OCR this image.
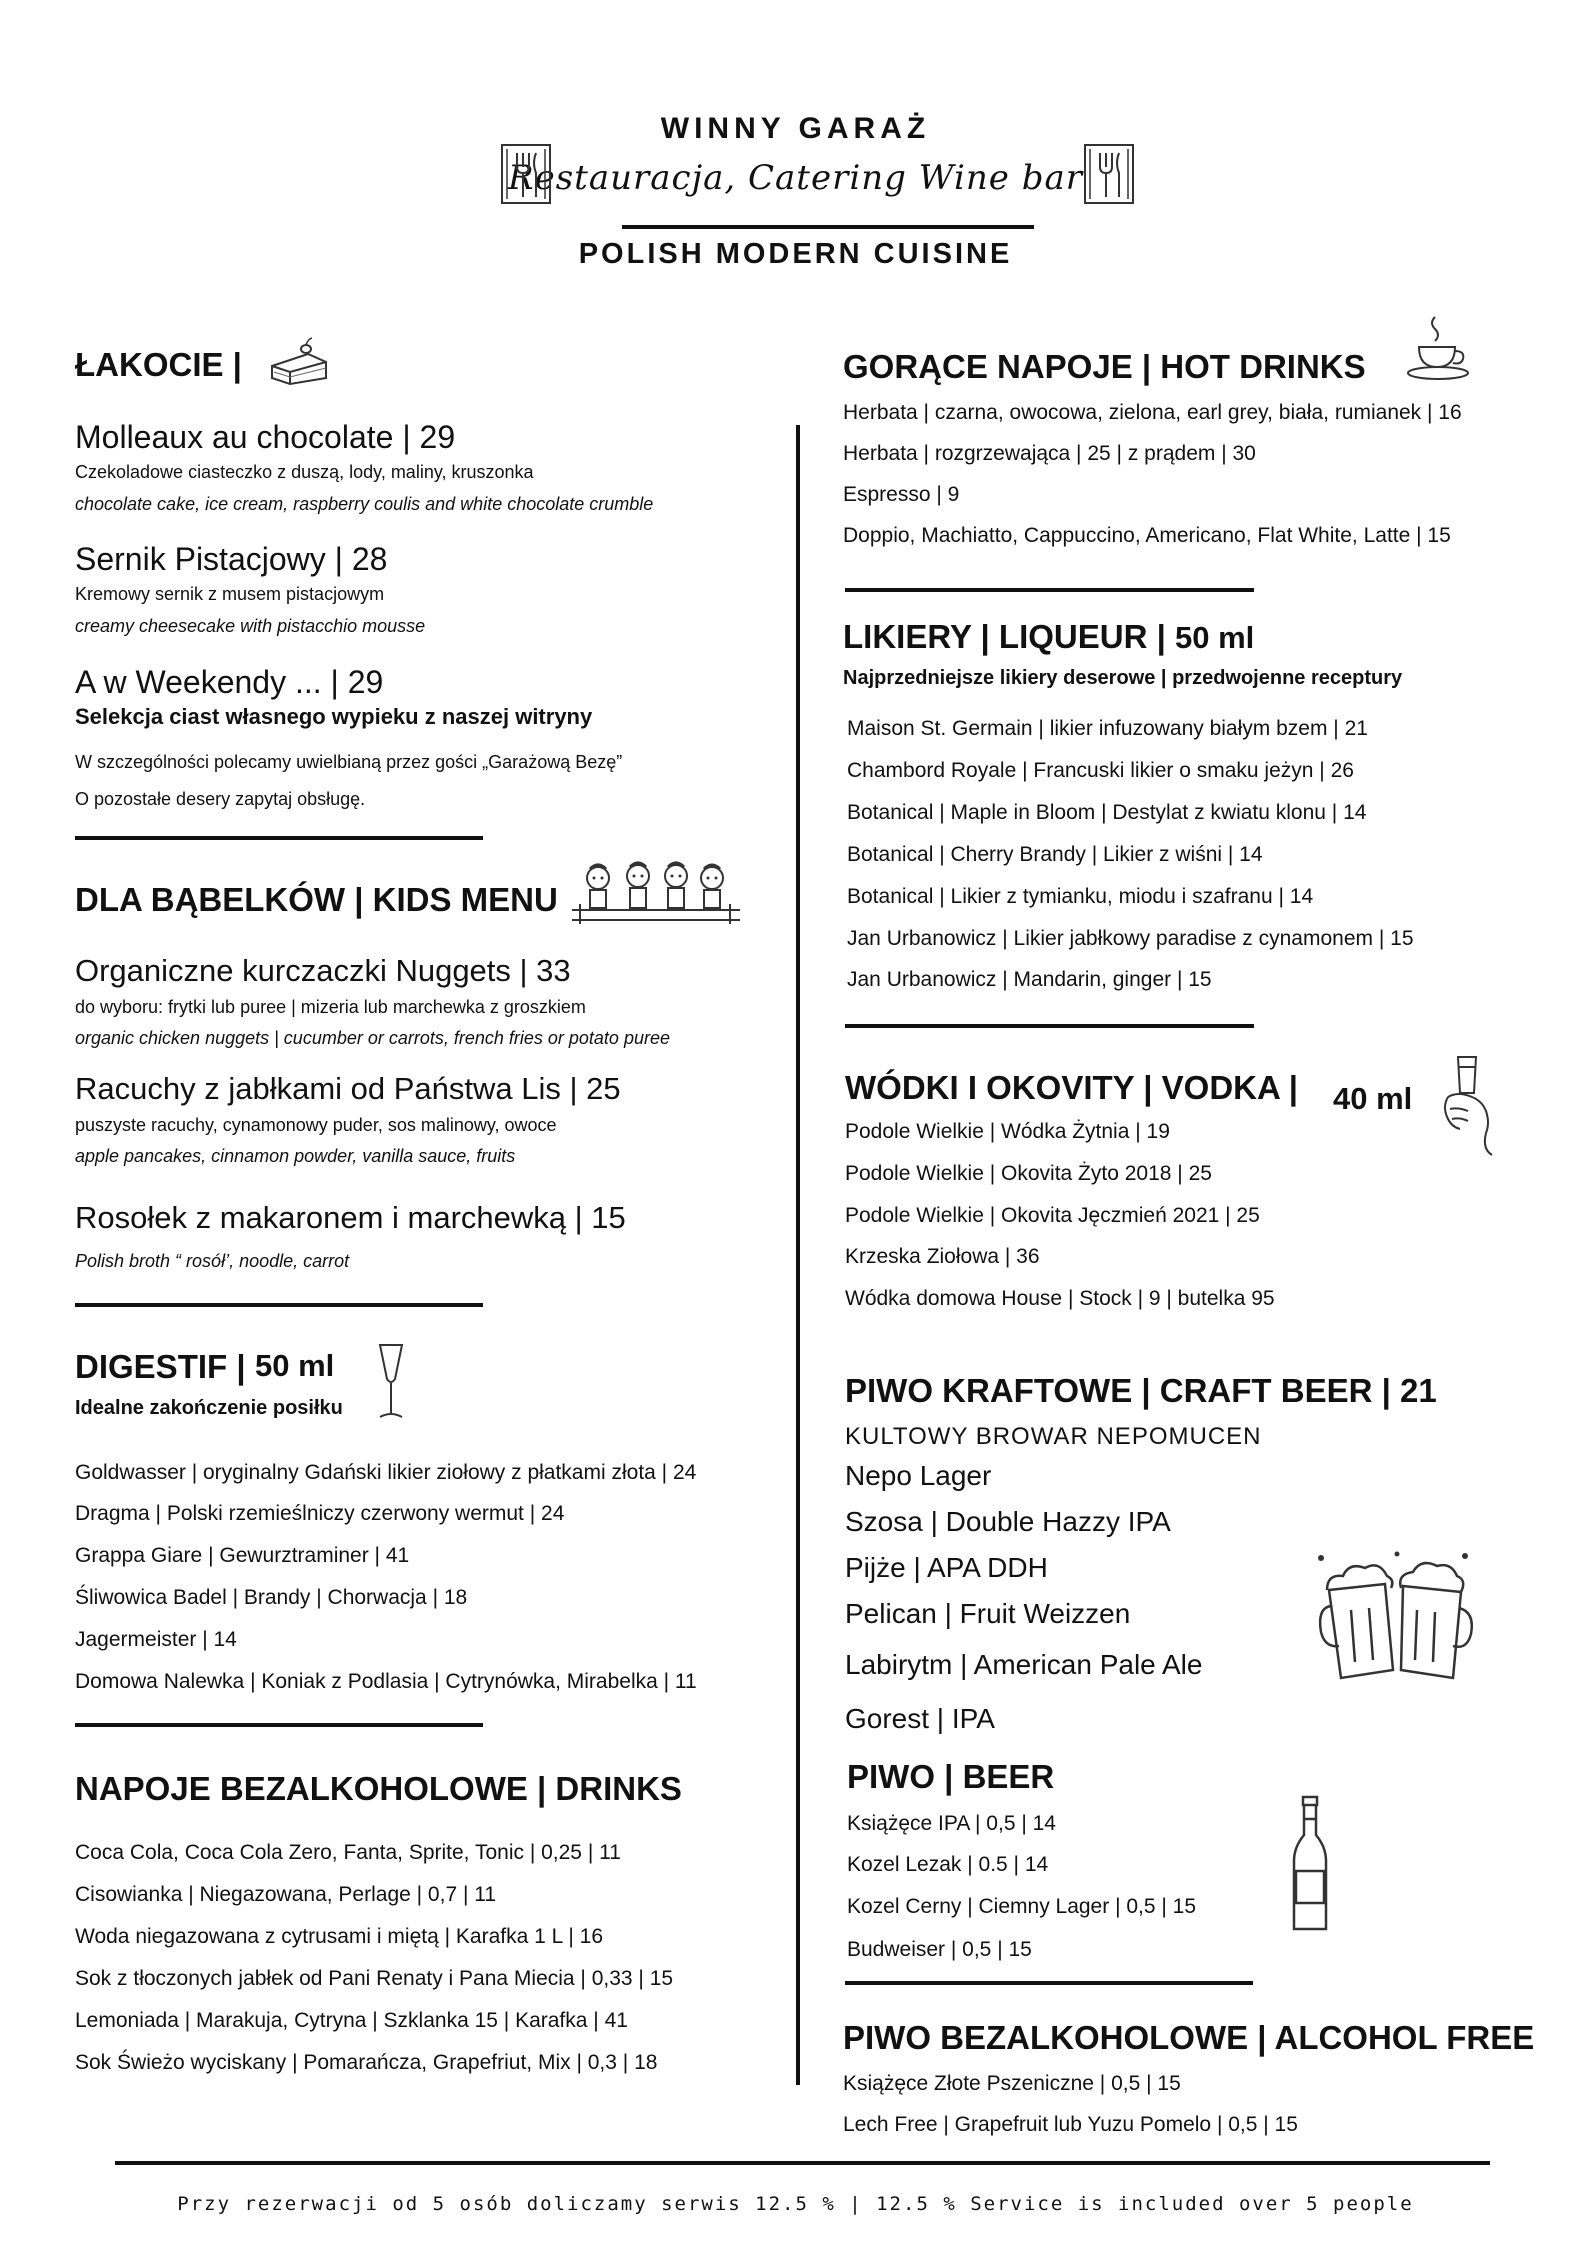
WINNY GARAŻ
Restauracja, Catering Wine bar
POLISH MODERN CUISINE
ŁAKOCIE |
Molleaux au chocolate | 29
Czekoladowe ciasteczko z duszą, lody, maliny, kruszonka
chocolate cake, ice cream, raspberry coulis and white chocolate crumble
Sernik Pistacjowy | 28
Kremowy sernik z musem pistacjowym
creamy cheesecake with pistacchio mousse
A w Weekendy ... | 29
Selekcja ciast własnego wypieku z naszej witryny
W szczególności polecamy uwielbianą przez gości „Garażową Bezę”
O pozostałe desery zapytaj obsługę.
DLA BĄBELKÓW | KIDS MENU
Organiczne kurczaczki Nuggets | 33
do wyboru: frytki lub puree | mizeria lub marchewka z groszkiem
organic chicken nuggets | cucumber or carrots, french fries or potato puree
Racuchy z jabłkami od Państwa Lis | 25
puszyste racuchy, cynamonowy puder, sos malinowy, owoce
apple pancakes, cinnamon powder, vanilla sauce, fruits
Rosołek z makaronem i marchewką | 15
Polish broth “ rosół’, noodle, carrot
DIGESTIF | 50 ml
Idealne zakończenie posiłku
Goldwasser | oryginalny Gdański likier ziołowy z płatkami złota | 24
Dragma | Polski rzemieślniczy czerwony wermut | 24
Grappa Giare | Gewurztraminer | 41
Śliwowica Badel | Brandy | Chorwacja | 18
Jagermeister | 14
Domowa Nalewka | Koniak z Podlasia | Cytrynówka, Mirabelka | 11
NAPOJE BEZALKOHOLOWE | DRINKS
Coca Cola, Coca Cola Zero, Fanta, Sprite, Tonic | 0,25 | 11
Cisowianka | Niegazowana, Perlage | 0,7 | 11
Woda niegazowana z cytrusami i miętą | Karafka 1 L | 16
Sok z tłoczonych jabłek od Pani Renaty i Pana Miecia | 0,33 | 15
Lemoniada | Marakuja, Cytryna | Szklanka 15 | Karafka | 41
Sok Świeżo wyciskany | Pomarańcza, Grapefriut, Mix | 0,3 | 18
GORĄCE NAPOJE | HOT DRINKS
Herbata | czarna, owocowa, zielona, earl grey, biała, rumianek | 16
Herbata | rozgrzewająca | 25 | z prądem | 30
Espresso | 9
Doppio, Machiatto, Cappuccino, Americano, Flat White, Latte | 15
LIKIERY | LIQUEUR | 50 ml
Najprzedniejsze likiery deserowe | przedwojenne receptury
Maison St. Germain | likier infuzowany białym bzem | 21
Chambord Royale | Francuski likier o smaku jeżyn | 26
Botanical | Maple in Bloom | Destylat z kwiatu klonu | 14
Botanical | Cherry Brandy | Likier z wiśni | 14
Botanical | Likier z tymianku, miodu i szafranu | 14
Jan Urbanowicz | Likier jabłkowy paradise z cynamonem | 15
Jan Urbanowicz | Mandarin, ginger | 15
WÓDKI I OKOVITY | VODKA | 40 ml
Podole Wielkie | Wódka Żytnia | 19
Podole Wielkie | Okovita Żyto 2018 | 25
Podole Wielkie | Okovita Jęczmień 2021 | 25
Krzeska Ziołowa | 36
Wódka domowa House | Stock | 9 | butelka 95
PIWO KRAFTOWE | CRAFT BEER | 21
KULTOWY BROWAR NEPOMUCEN
Nepo Lager
Szosa | Double Hazzy IPA
Pijże | APA DDH
Pelican | Fruit Weizzen
Labirytm | American Pale Ale
Gorest | IPA
PIWO | BEER
Książęce IPA | 0,5 | 14
Kozel Lezak | 0.5 | 14
Kozel Cerny | Ciemny Lager | 0,5 | 15
Budweiser | 0,5 | 15
PIWO BEZALKOHOLOWE | ALCOHOL FREE
Książęce Złote Pszeniczne | 0,5 | 15
Lech Free | Grapefruit lub Yuzu Pomelo | 0,5 | 15
Przy rezerwacji od 5 osób doliczamy serwis 12.5 % | 12.5 % Service is included over 5 people
